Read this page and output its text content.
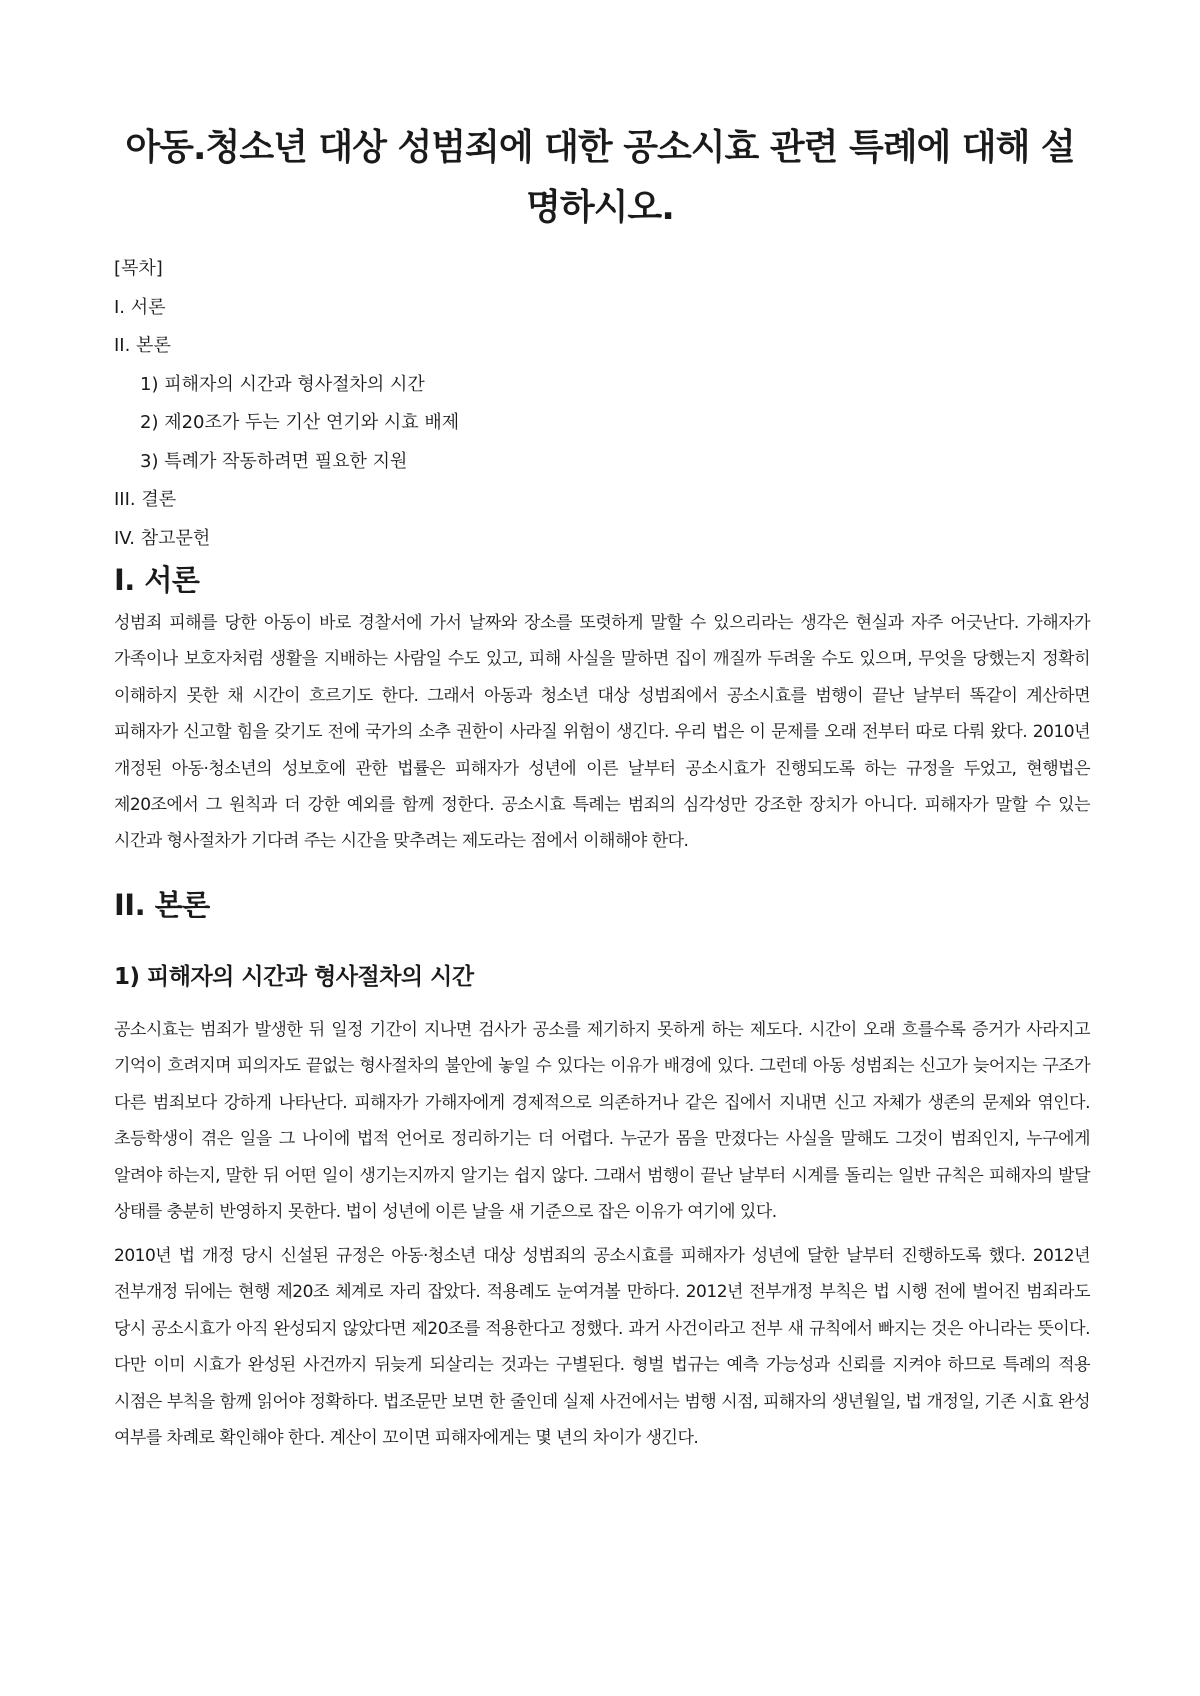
아동.청소년 대상 성범죄에 대한 공소시효 관련 특례에 대해 설명하시오.
[목차]
I. 서론
II. 본론
1) 피해자의 시간과 형사절차의 시간
2) 제20조가 두는 기산 연기와 시효 배제
3) 특례가 작동하려면 필요한 지원
III. 결론
IV. 참고문헌
I. 서론

성범죄 피해를 당한 아동이 바로 경찰서에 가서 날짜와 장소를 또렷하게 말할 수 있으리라는 생각은 현실과 자주 어긋난다. 가해자가 가족이나 보호자처럼 생활을 지배하는 사람일 수도 있고, 피해 사실을 말하면 집이 깨질까 두려울 수도 있으며, 무엇을 당했는지 정확히 이해하지 못한 채 시간이 흐르기도 한다. 그래서 아동과 청소년 대상 성범죄에서 공소시효를 범행이 끝난 날부터 똑같이 계산하면 피해자가 신고할 힘을 갖기도 전에 국가의 소추 권한이 사라질 위험이 생긴다. 우리 법은 이 문제를 오래 전부터 따로 다뤄 왔다. 2010년 개정된 아동·청소년의 성보호에 관한 법률은 피해자가 성년에 이른 날부터 공소시효가 진행되도록 하는 규정을 두었고, 현행법은 제20조에서 그 원칙과 더 강한 예외를 함께 정한다. 공소시효 특례는 범죄의 심각성만 강조한 장치가 아니다. 피해자가 말할 수 있는 시간과 형사절차가 기다려 주는 시간을 맞추려는 제도라는 점에서 이해해야 한다.

II. 본론
1) 피해자의 시간과 형사절차의 시간

공소시효는 범죄가 발생한 뒤 일정 기간이 지나면 검사가 공소를 제기하지 못하게 하는 제도다. 시간이 오래 흐를수록 증거가 사라지고 기억이 흐려지며 피의자도 끝없는 형사절차의 불안에 놓일 수 있다는 이유가 배경에 있다. 그런데 아동 성범죄는 신고가 늦어지는 구조가 다른 범죄보다 강하게 나타난다. 피해자가 가해자에게 경제적으로 의존하거나 같은 집에서 지내면 신고 자체가 생존의 문제와 엮인다. 초등학생이 겪은 일을 그 나이에 법적 언어로 정리하기는 더 어렵다. 누군가 몸을 만졌다는 사실을 말해도 그것이 범죄인지, 누구에게 알려야 하는지, 말한 뒤 어떤 일이 생기는지까지 알기는 쉽지 않다. 그래서 범행이 끝난 날부터 시계를 돌리는 일반 규칙은 피해자의 발달 상태를 충분히 반영하지 못한다. 법이 성년에 이른 날을 새 기준으로 잡은 이유가 여기에 있다.

2010년 법 개정 당시 신설된 규정은 아동·청소년 대상 성범죄의 공소시효를 피해자가 성년에 달한 날부터 진행하도록 했다. 2012년 전부개정 뒤에는 현행 제20조 체계로 자리 잡았다. 적용례도 눈여겨볼 만하다. 2012년 전부개정 부칙은 법 시행 전에 벌어진 범죄라도 당시 공소시효가 아직 완성되지 않았다면 제20조를 적용한다고 정했다. 과거 사건이라고 전부 새 규칙에서 빠지는 것은 아니라는 뜻이다. 다만 이미 시효가 완성된 사건까지 뒤늦게 되살리는 것과는 구별된다. 형벌 법규는 예측 가능성과 신뢰를 지켜야 하므로 특례의 적용 시점은 부칙을 함께 읽어야 정확하다. 법조문만 보면 한 줄인데 실제 사건에서는 범행 시점, 피해자의 생년월일, 법 개정일, 기존 시효 완성 여부를 차례로 확인해야 한다. 계산이 꼬이면 피해자에게는 몇 년의 차이가 생긴다.
